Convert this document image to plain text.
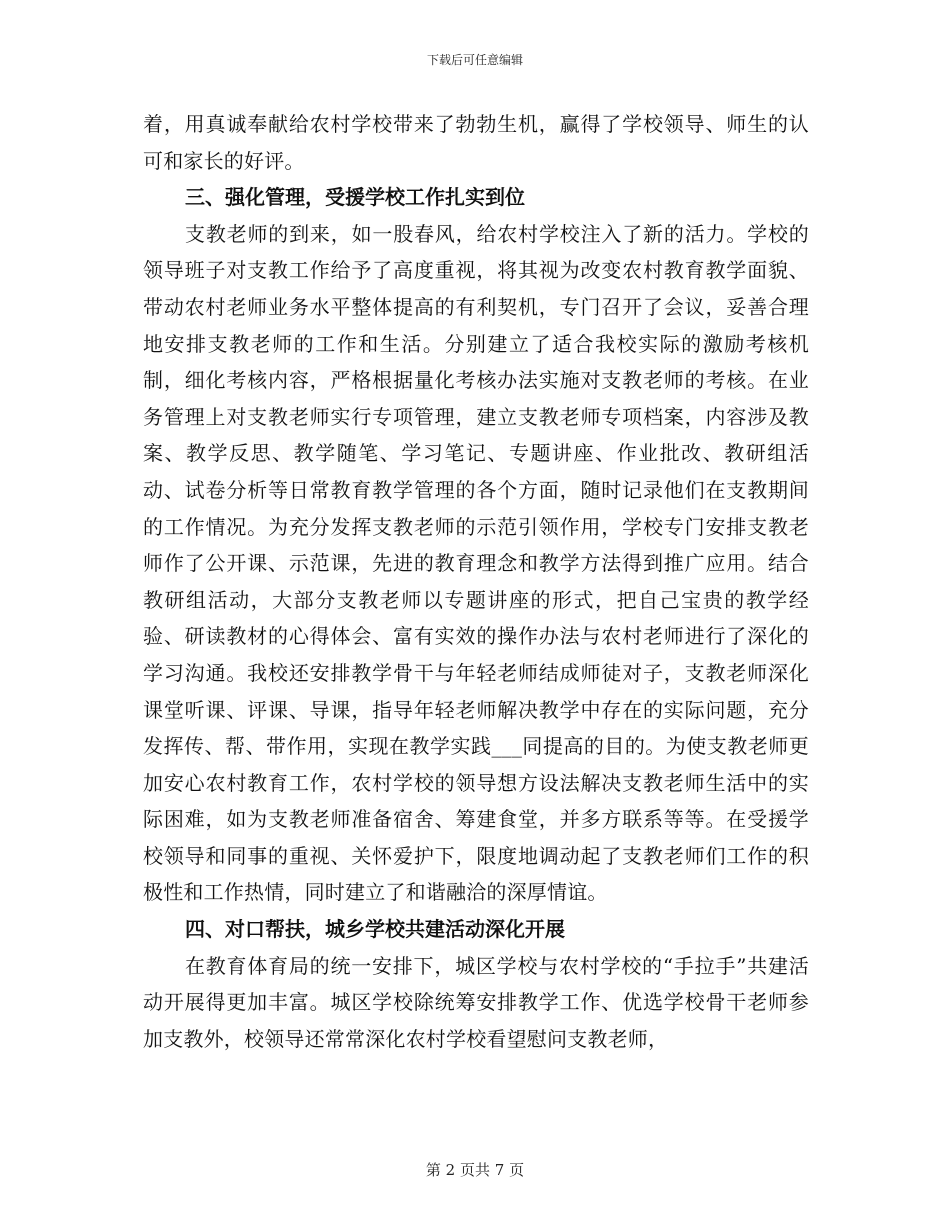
下载后可任意编辑

着，用真诚奉献给农村学校带来了勃勃生机，赢得了学校领导、师生的认可和家长的好评。

三、强化管理，受援学校工作扎实到位

支教老师的到来，如一股春风，给农村学校注入了新的活力。学校的领导班子对支教工作给予了高度重视，将其视为改变农村教育教学面貌、带动农村老师业务水平整体提高的有利契机，专门召开了会议，妥善合理地安排支教老师的工作和生活。分别建立了适合我校实际的激励考核机制，细化考核内容，严格根据量化考核办法实施对支教老师的考核。在业务管理上对支教老师实行专项管理，建立支教老师专项档案，内容涉及教案、教学反思、教学随笔、学习笔记、专题讲座、作业批改、教研组活动、试卷分析等日常教育教学管理的各个方面，随时记录他们在支教期间的工作情况。为充分发挥支教老师的示范引领作用，学校专门安排支教老师作了公开课、示范课，先进的教育理念和教学方法得到推广应用。结合教研组活动，大部分支教老师以专题讲座的形式，把自己宝贵的教学经验、研读教材的心得体会、富有实效的操作办法与农村老师进行了深化的学习沟通。我校还安排教学骨干与年轻老师结成师徒对子，支教老师深化课堂听课、评课、导课，指导年轻老师解决教学中存在的实际问题，充分发挥传、帮、带作用，实现在教学实践___同提高的目的。为使支教老师更加安心农村教育工作，农村学校的领导想方设法解决支教老师生活中的实际困难，如为支教老师准备宿舍、筹建食堂，并多方联系等等。在受援学校领导和同事的重视、关怀爱护下，限度地调动起了支教老师们工作的积极性和工作热情，同时建立了和谐融洽的深厚情谊。

四、对口帮扶，城乡学校共建活动深化开展

在教育体育局的统一安排下，城区学校与农村学校的“手拉手”共建活动开展得更加丰富。城区学校除统筹安排教学工作、优选学校骨干老师参加支教外，校领导还常常深化农村学校看望慰问支教老师，

第 2 页共 7 页
